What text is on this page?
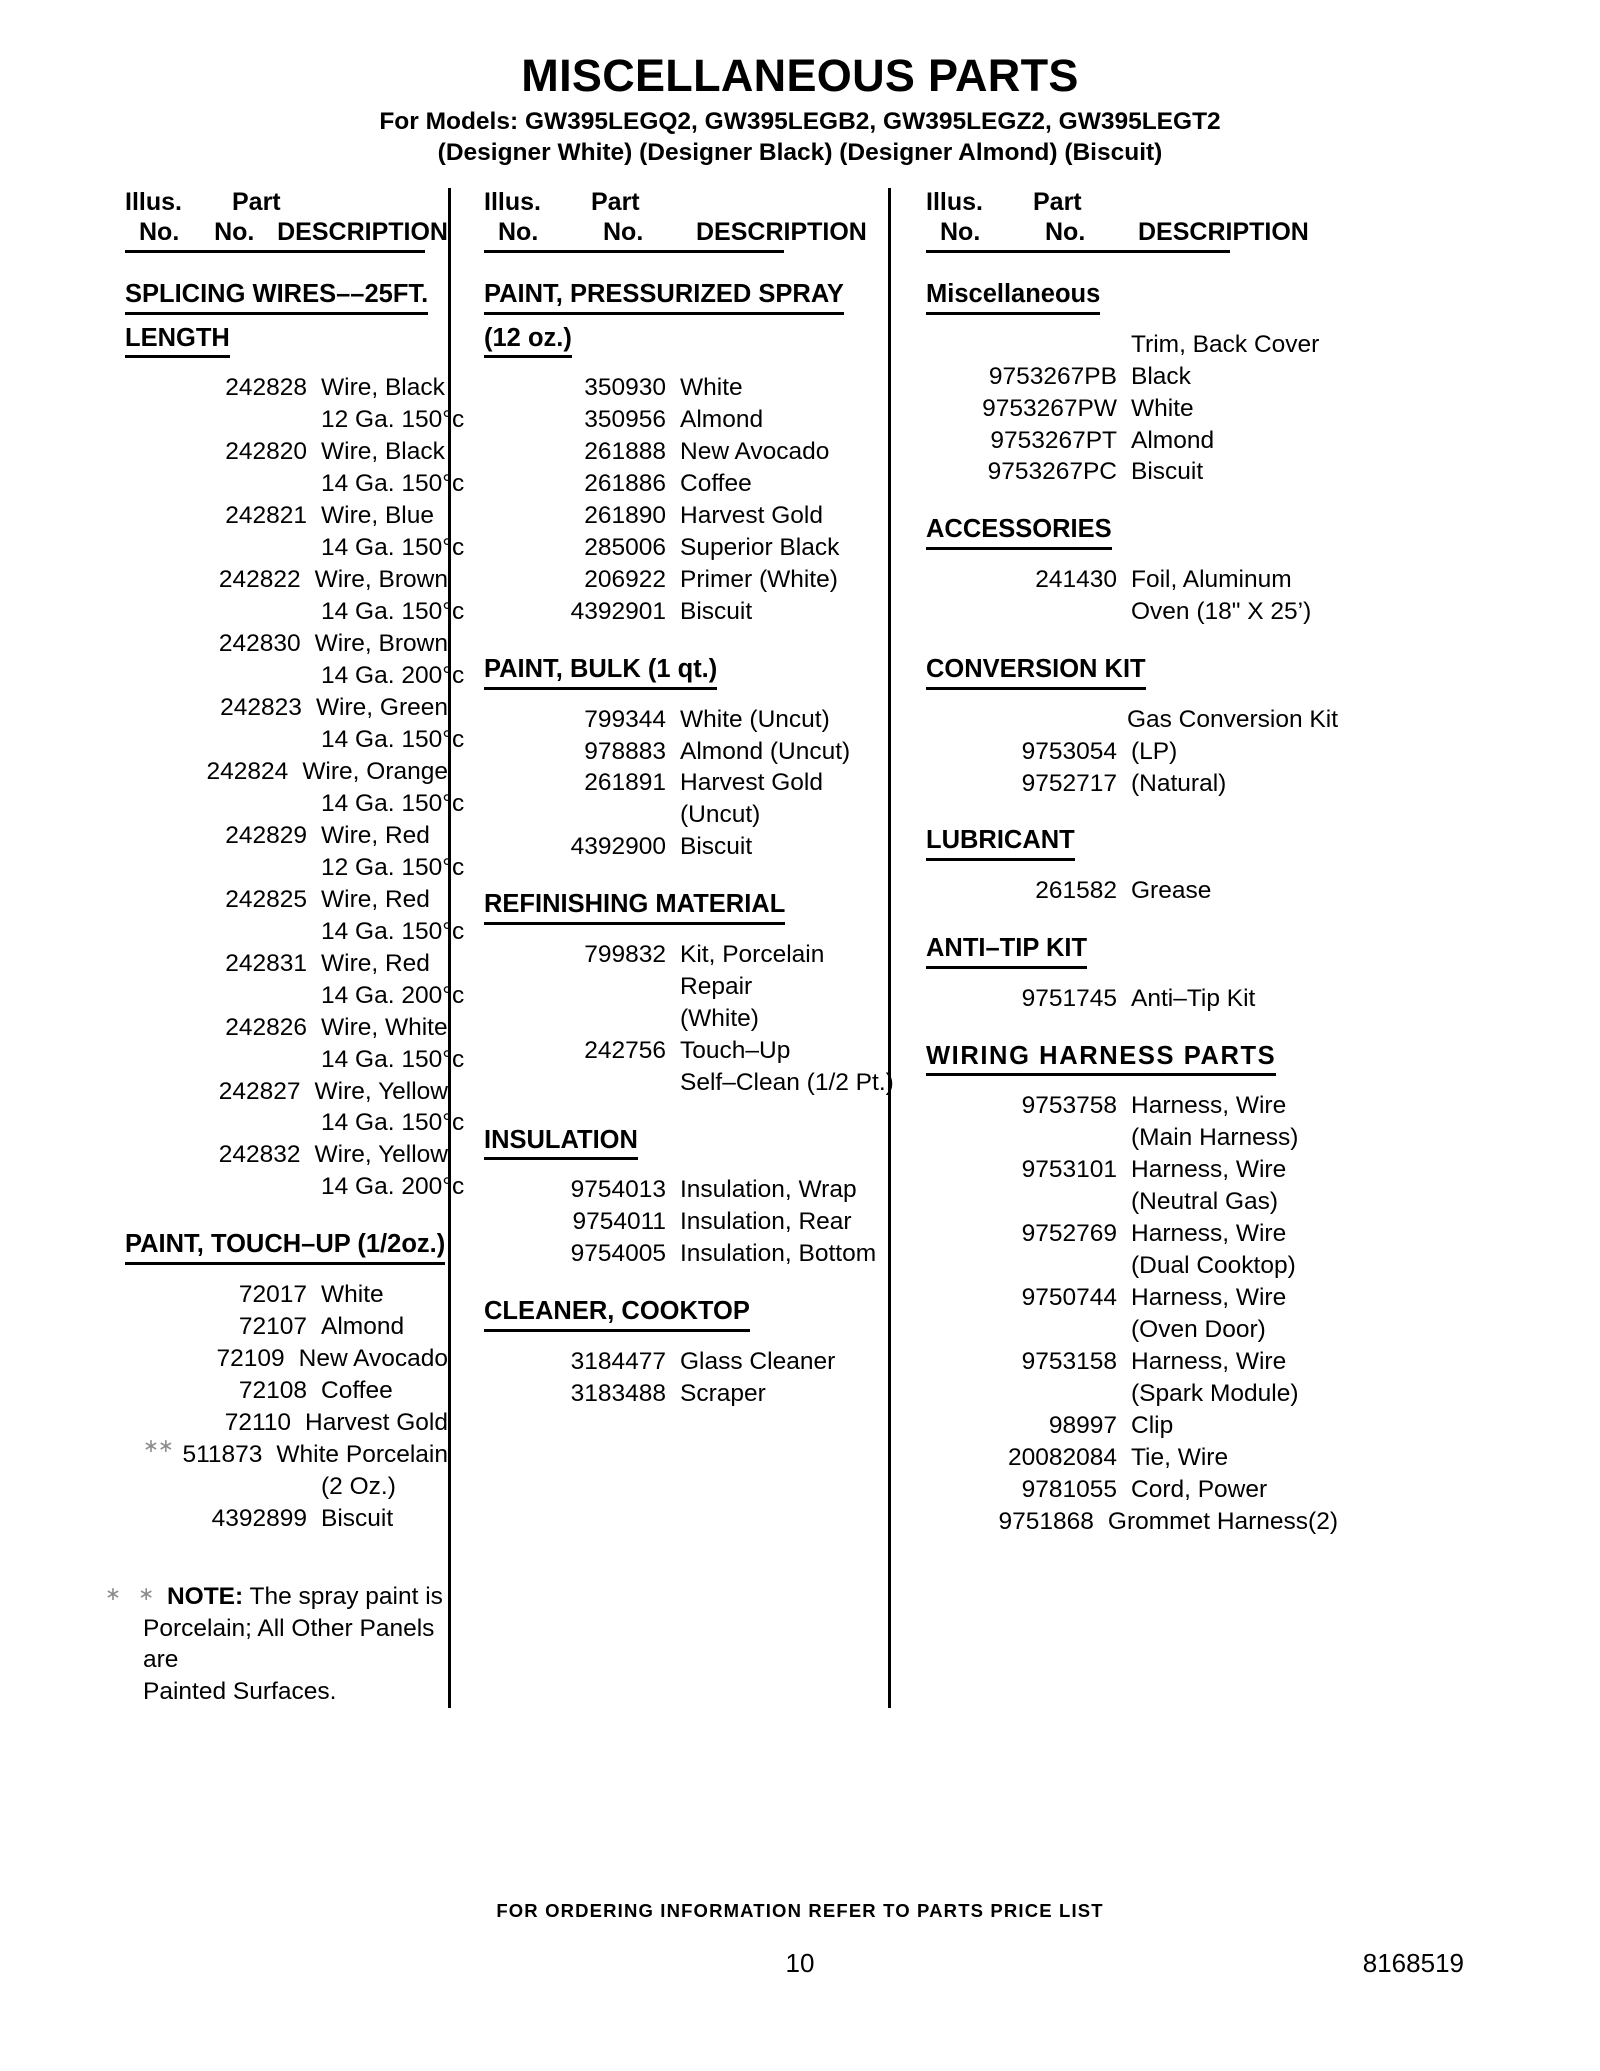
MISCELLANEOUS PARTS
For Models: GW395LEGQ2, GW395LEGB2, GW395LEGZ2, GW395LEGT2
(Designer White) (Designer Black) (Designer Almond) (Biscuit)
Illus.	Part
No.	No. DESCRIPTION
SPLICING WIRES––25FT.LENGTH
242828 Wire, Black
12 Ga. 150°c
242820 Wire, Black
14 Ga. 150°c
242821 Wire, Blue
14 Ga. 150°c
242822 Wire, Brown
14 Ga. 150°c
242830 Wire, Brown
14 Ga. 200°c
242823 Wire, Green
14 Ga. 150°c
242824 Wire, Orange
14 Ga. 150°c
242829 Wire, Red
12 Ga. 150°c
242825 Wire, Red
14 Ga. 150°c
242831 Wire, Red
14 Ga. 200°c
242826 Wire, White
14 Ga. 150°c
242827 Wire, Yellow
14 Ga. 150°c
242832 Wire, Yellow
14 Ga. 200°c
PAINT, TOUCH–UP (1/2oz.)
72017 White
72107 Almond
72109 New Avocado
72108 Coffee
72110 Harvest Gold
∗∗ 511873 White Porcelain
(2 Oz.)
4392899 Biscuit
∗ ∗ NOTE: The spray paint is
Porcelain; All Other Panels are
Painted Surfaces.
Illus.	Part
No.	No.	DESCRIPTION
PAINT, PRESSURIZED SPRAY(12 oz.)
350930 White
350956 Almond
261888 New Avocado
261886 Coffee
261890 Harvest Gold
285006 Superior Black
206922 Primer (White)
4392901 Biscuit
PAINT, BULK (1 qt.)
799344 White (Uncut)
978883 Almond (Uncut)
261891 Harvest Gold
(Uncut)
4392900 Biscuit
REFINISHING MATERIAL
799832 Kit, Porcelain
Repair
(White)
242756 Touch–Up
Self–Clean (1/2 Pt.)
INSULATION
9754013 Insulation, Wrap
9754011 Insulation, Rear
9754005 Insulation, Bottom
CLEANER, COOKTOP
3184477 Glass Cleaner
3183488 Scraper
Illus.	Part
No.	No.	DESCRIPTION
Miscellaneous
Trim, Back Cover
9753267PB Black
9753267PW White
9753267PT Almond
9753267PC Biscuit
ACCESSORIES
241430 Foil, Aluminum
Oven (18" X 25’)
CONVERSION KIT
Gas Conversion Kit
9753054 (LP)
9752717 (Natural)
LUBRICANT
261582 Grease
ANTI–TIP KIT
9751745 Anti–Tip Kit
WIRING HARNESS PARTS
9753758 Harness, Wire
(Main Harness)
9753101 Harness, Wire
(Neutral Gas)
9752769 Harness, Wire
(Dual Cooktop)
9750744 Harness, Wire
(Oven Door)
9753158 Harness, Wire
(Spark Module)
98997 Clip
20082084 Tie, Wire
9781055 Cord, Power
9751868 Grommet Harness(2)
FOR ORDERING INFORMATION REFER TO PARTS PRICE LIST
10	8168519
